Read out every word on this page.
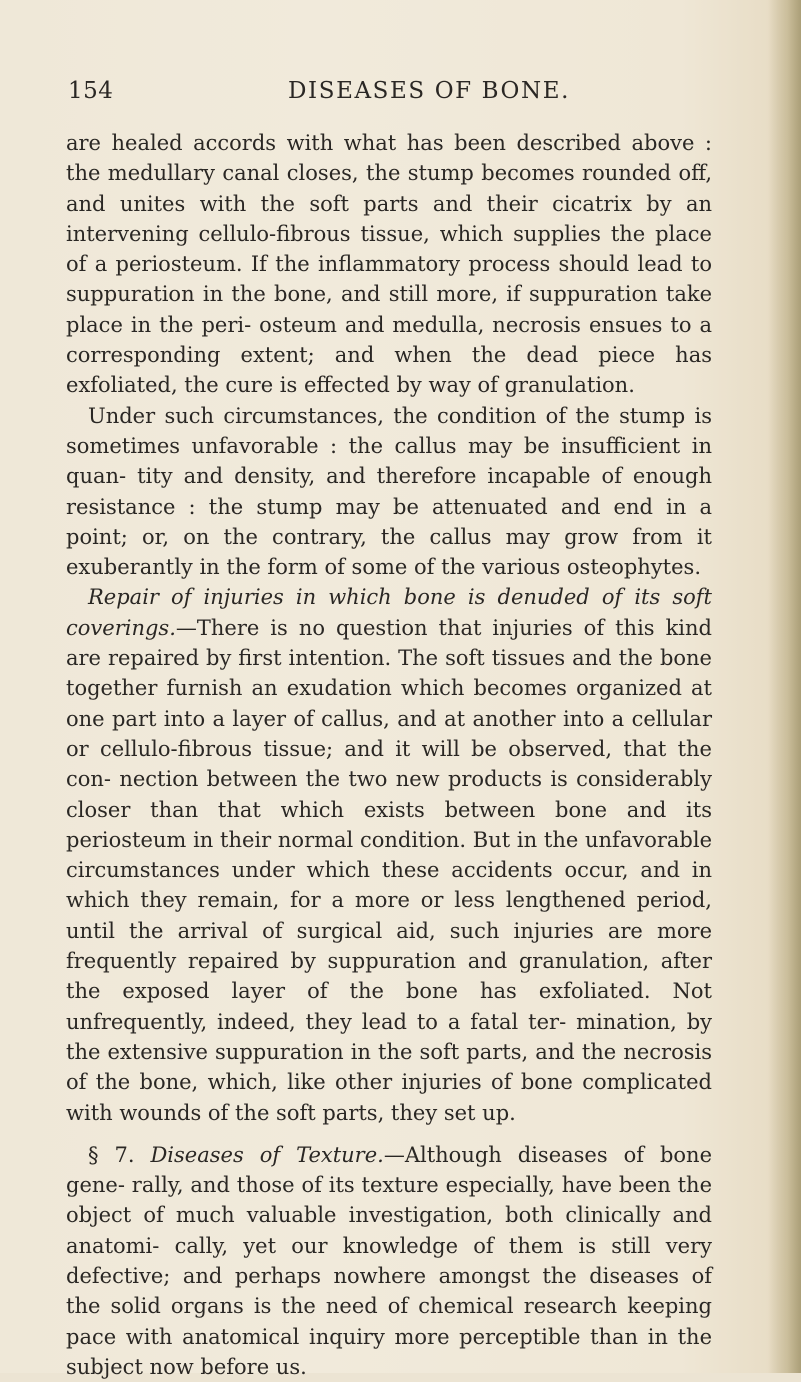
154	DISEASES OF BONE.

are healed accords with what has been described above : the medullary canal closes, the stump becomes rounded off, and unites with the soft parts and their cicatrix by an intervening cellulo-fibrous tissue, which supplies the place of a periosteum. If the inflammatory process should lead to suppuration in the bone, and still more, if suppuration take place in the peri- osteum and medulla, necrosis ensues to a corresponding extent; and when the dead piece has exfoliated, the cure is effected by way of granulation.

Under such circumstances, the condition of the stump is sometimes unfavorable : the callus may be insufficient in quan- tity and density, and therefore incapable of enough resistance : the stump may be attenuated and end in a point; or, on the contrary, the callus may grow from it exuberantly in the form of some of the various osteophytes.

Repair of injuries in which bone is denuded of its soft coverings.—There is no question that injuries of this kind are repaired by first intention. The soft tissues and the bone together furnish an exudation which becomes organized at one part into a layer of callus, and at another into a cellular or cellulo-fibrous tissue; and it will be observed, that the con- nection between the two new products is considerably closer than that which exists between bone and its periosteum in their normal condition. But in the unfavorable circumstances under which these accidents occur, and in which they remain, for a more or less lengthened period, until the arrival of surgical aid, such injuries are more frequently repaired by suppuration and granulation, after the exposed layer of the bone has exfoliated. Not unfrequently, indeed, they lead to a fatal ter- mination, by the extensive suppuration in the soft parts, and the necrosis of the bone, which, like other injuries of bone complicated with wounds of the soft parts, they set up.

§ 7. Diseases of Texture.—Although diseases of bone gene- rally, and those of its texture especially, have been the object of much valuable investigation, both clinically and anatomi- cally, yet our knowledge of them is still very defective; and perhaps nowhere amongst the diseases of the solid organs is the need of chemical research keeping pace with anatomical inquiry more perceptible than in the subject now before us.
